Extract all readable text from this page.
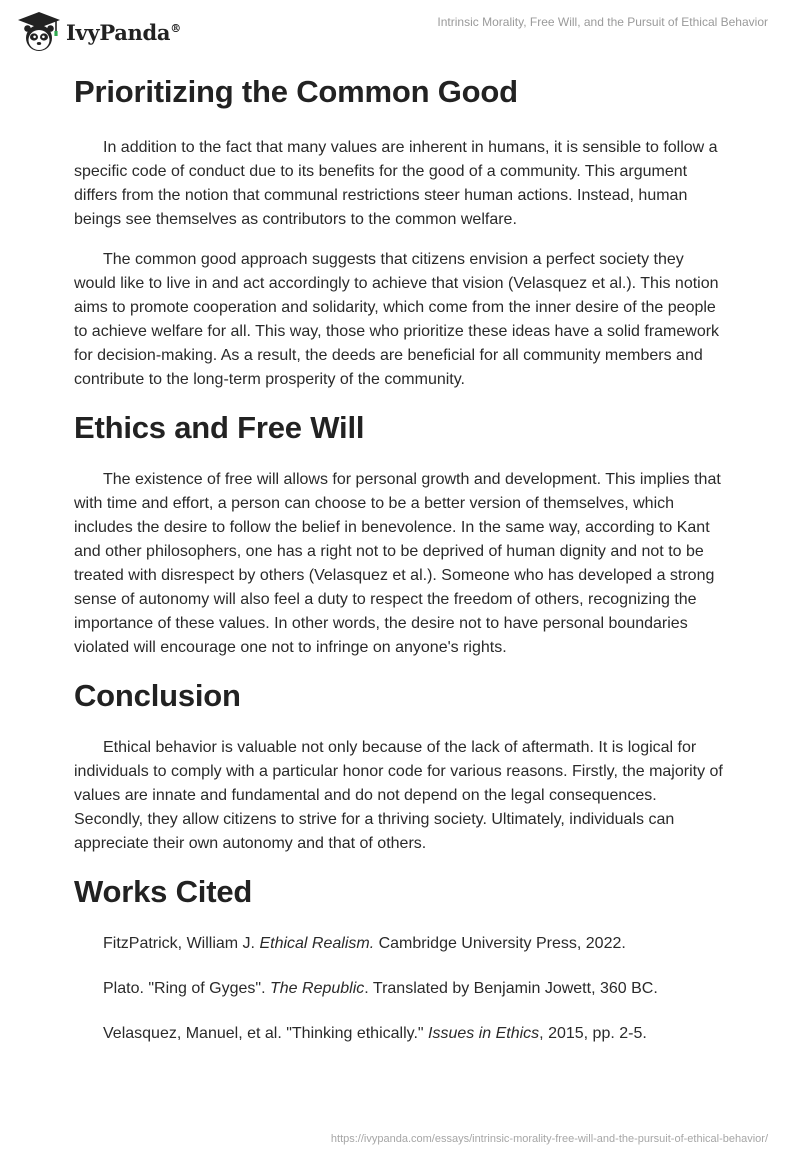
IvyPanda®	Intrinsic Morality, Free Will, and the Pursuit of Ethical Behavior
Prioritizing the Common Good

In addition to the fact that many values are inherent in humans, it is sensible to follow a specific code of conduct due to its benefits for the good of a community. This argument differs from the notion that communal restrictions steer human actions. Instead, human beings see themselves as contributors to the common welfare.

The common good approach suggests that citizens envision a perfect society they would like to live in and act accordingly to achieve that vision (Velasquez et al.). This notion aims to promote cooperation and solidarity, which come from the inner desire of the people to achieve welfare for all. This way, those who prioritize these ideas have a solid framework for decision-making. As a result, the deeds are beneficial for all community members and contribute to the long-term prosperity of the community.

Ethics and Free Will

The existence of free will allows for personal growth and development. This implies that with time and effort, a person can choose to be a better version of themselves, which includes the desire to follow the belief in benevolence. In the same way, according to Kant and other philosophers, one has a right not to be deprived of human dignity and not to be treated with disrespect by others (Velasquez et al.). Someone who has developed a strong sense of autonomy will also feel a duty to respect the freedom of others, recognizing the importance of these values. In other words, the desire not to have personal boundaries violated will encourage one not to infringe on anyone's rights.

Conclusion

Ethical behavior is valuable not only because of the lack of aftermath. It is logical for individuals to comply with a particular honor code for various reasons. Firstly, the majority of values are innate and fundamental and do not depend on the legal consequences. Secondly, they allow citizens to strive for a thriving society. Ultimately, individuals can appreciate their own autonomy and that of others.

Works Cited
FitzPatrick, William J. Ethical Realism. Cambridge University Press, 2022.
Plato. "Ring of Gyges". The Republic. Translated by Benjamin Jowett, 360 BC.
Velasquez, Manuel, et al. "Thinking ethically." Issues in Ethics, 2015, pp. 2-5.
https://ivypanda.com/essays/intrinsic-morality-free-will-and-the-pursuit-of-ethical-behavior/
